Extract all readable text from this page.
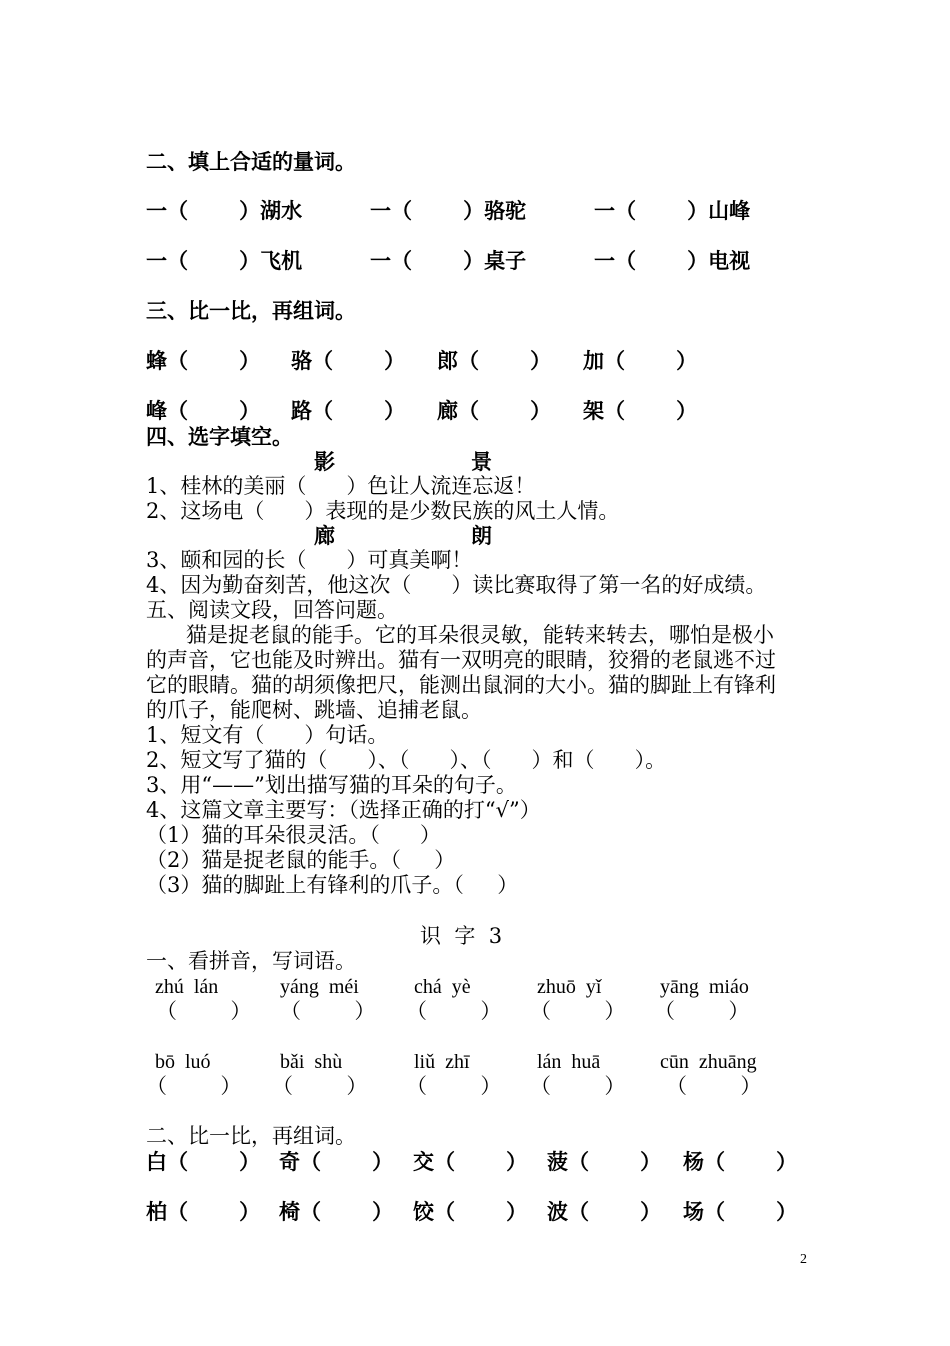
二、填上合适的量词。
一（       ）湖水	一（       ）骆驼	一（       ）山峰
一（       ）飞机	一（       ）桌子	一（       ）电视
三、比一比，再组词。
蜂（       ） 骆（       ） 郎（       ） 加（       ）
峰（       ） 路（       ） 廊（       ） 架（       ）
四、选字填空。
影	景
1、桂林的美丽（      ）色让人流连忘返！
2、这场电（      ）表现的是少数民族的风土人情。
廊	朗
3、颐和园的长（      ）可真美啊！
4、因为勤奋刻苦，他这次（      ）读比赛取得了第一名的好成绩。
五、阅读文段，回答问题。
猫是捉老鼠的能手。它的耳朵很灵敏，能转来转去，哪怕是极小
的声音，它也能及时辨出。猫有一双明亮的眼睛，狡猾的老鼠逃不过
它的眼睛。猫的胡须像把尺，能测出鼠洞的大小。猫的脚趾上有锋利
的爪子，能爬树、跳墙、追捕老鼠。
1、短文有（      ）句话。
2、短文写了猫的（      ）、（      ）、（      ）和（      ）。
3、用“——”划出描写猫的耳朵的句子。
4、这篇文章主要写：（选择正确的打“√”）
（1）猫的耳朵很灵活。（      ）
（2）猫是捉老鼠的能手。（     ）
（3）猫的脚趾上有锋利的爪子。（     ）
识  字  3
一、看拼音，写词语。
zhú  lán	yáng  méi	chá  yè	zhuō  yǐ	yāng  miáo
（        ） （        ） （        ） （        ） （        ）
bō  luó	bǎi  shù	liǔ  zhī	lán  huā	cūn  zhuāng
（        ） （        ） （        ） （        ） （        ）
二、比一比，再组词。
白（       ） 奇（       ） 交（       ） 菠（       ） 杨（       ）
柏（       ） 椅（       ） 饺（       ） 波（       ） 场（       ）
2
